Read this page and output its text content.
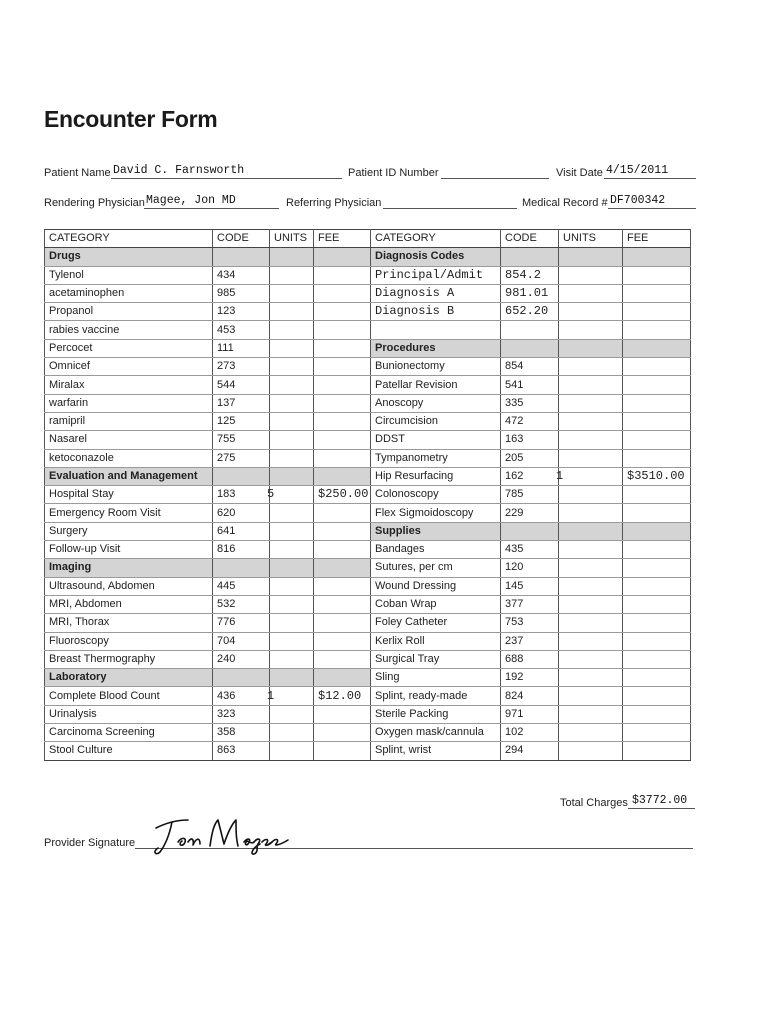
Encounter Form
Patient Name David C. Farnsworth	Patient ID Number	Visit Date 4/15/2011
Rendering Physician Magee, Jon MD	Referring Physician	Medical Record # DF700342
CATEGORY	CODE	UNITS	FEE	CATEGORY	CODE	UNITS	FEE
Drugs				Diagnosis Codes			
Tylenol	434			Principal/Admit	854.2		
acetaminophen	985			Diagnosis A	981.01		
Propanol	123			Diagnosis B	652.20		
rabies vaccine	453						
Percocet	111			Procedures			
Omnicef	273			Bunionectomy	854		
Miralax	544			Patellar Revision	541		
warfarin	137			Anoscopy	335		
ramipril	125			Circumcision	472		
Nasarel	755			DDST	163		
ketoconazole	275			Tympanometry	205		
Evaluation and Management				Hip Resurfacing	162	1	$3510.00
Hospital Stay	183	5	$250.00	Colonoscopy	785		
Emergency Room Visit	620			Flex Sigmoidoscopy	229		
Surgery	641			Supplies			
Follow-up Visit	816			Bandages	435		
Imaging				Sutures, per cm	120		
Ultrasound, Abdomen	445			Wound Dressing	145		
MRI, Abdomen	532			Coban Wrap	377		
MRI, Thorax	776			Foley Catheter	753		
Fluoroscopy	704			Kerlix Roll	237		
Breast Thermography	240			Surgical Tray	688		
Laboratory				Sling	192		
Complete Blood Count	436	1	$12.00	Splint, ready-made	824		
Urinalysis	323			Sterile Packing	971		
Carcinoma Screening	358			Oxygen mask/cannula	102		
Stool Culture	863			Splint, wrist	294		
Total Charges $3772.00
Provider Signature
